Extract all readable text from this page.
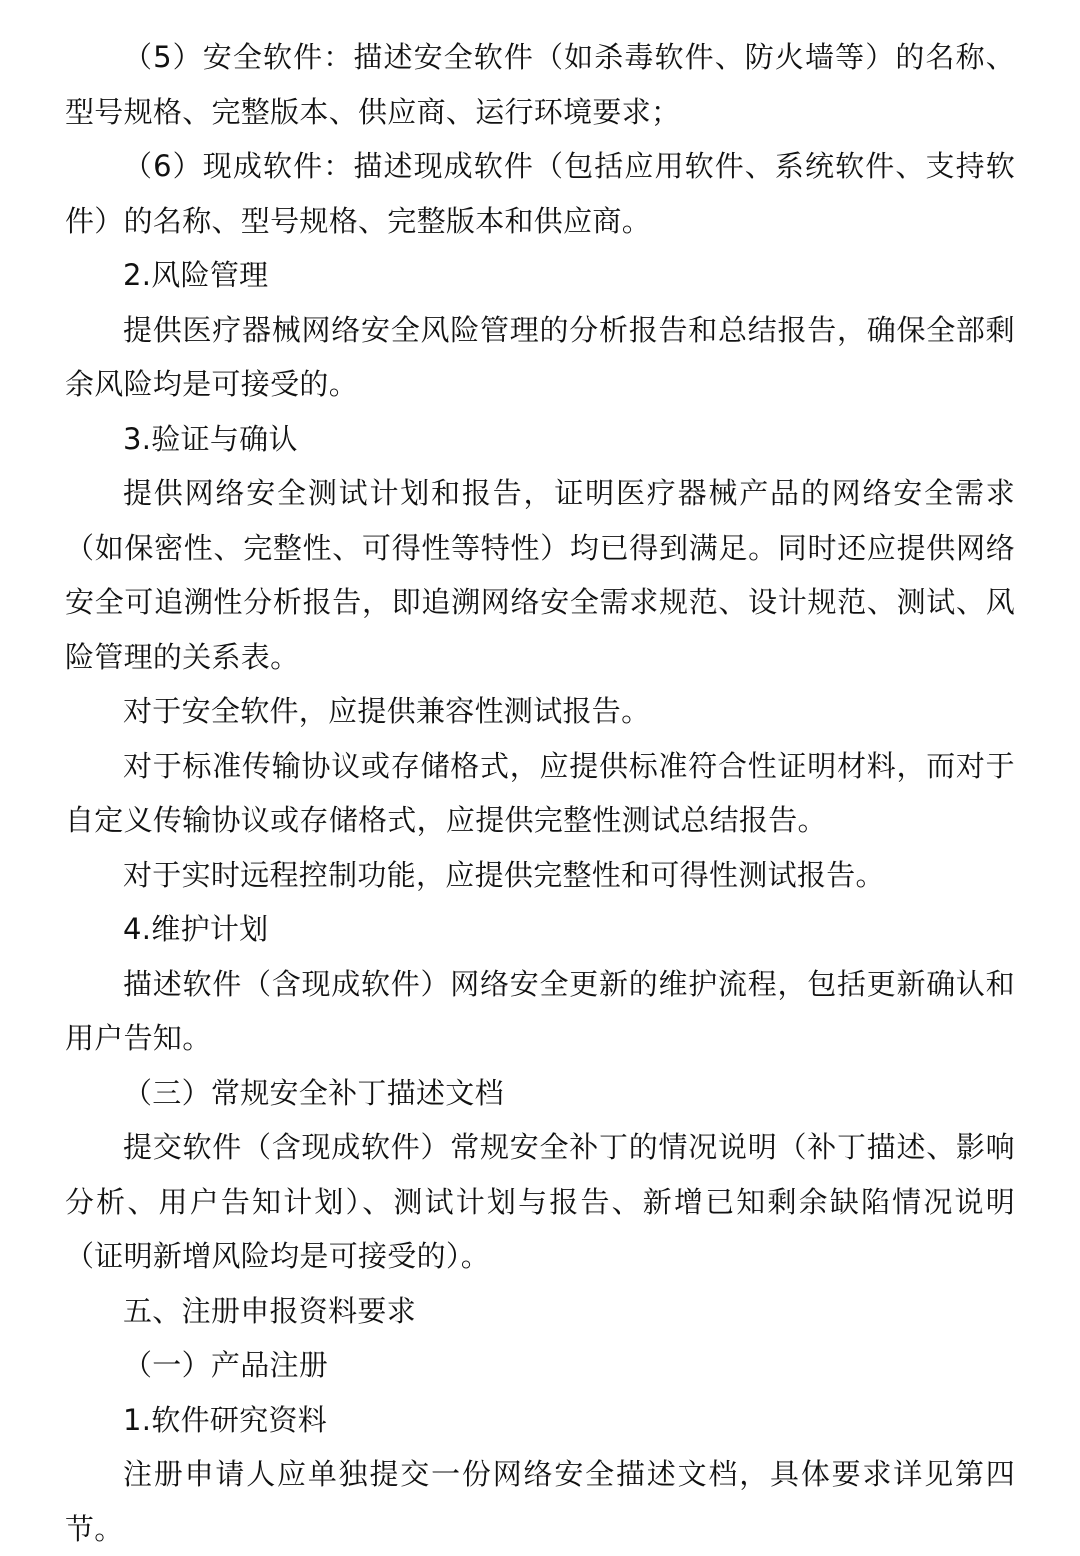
（5）安全软件：描述安全软件（如杀毒软件、防火墙等）的名称、型号规格、完整版本、供应商、运行环境要求；

（6）现成软件：描述现成软件（包括应用软件、系统软件、支持软件）的名称、型号规格、完整版本和供应商。

2.风险管理

提供医疗器械网络安全风险管理的分析报告和总结报告，确保全部剩余风险均是可接受的。

3.验证与确认

提供网络安全测试计划和报告，证明医疗器械产品的网络安全需求（如保密性、完整性、可得性等特性）均已得到满足。同时还应提供网络安全可追溯性分析报告，即追溯网络安全需求规范、设计规范、测试、风险管理的关系表。

对于安全软件，应提供兼容性测试报告。

对于标准传输协议或存储格式，应提供标准符合性证明材料，而对于自定义传输协议或存储格式，应提供完整性测试总结报告。

对于实时远程控制功能，应提供完整性和可得性测试报告。

4.维护计划

描述软件（含现成软件）网络安全更新的维护流程，包括更新确认和用户告知。

（三）常规安全补丁描述文档

提交软件（含现成软件）常规安全补丁的情况说明（补丁描述、影响分析、用户告知计划）、测试计划与报告、新增已知剩余缺陷情况说明（证明新增风险均是可接受的）。

五、注册申报资料要求

（一）产品注册

1.软件研究资料

注册申请人应单独提交一份网络安全描述文档，具体要求详见第四节。
